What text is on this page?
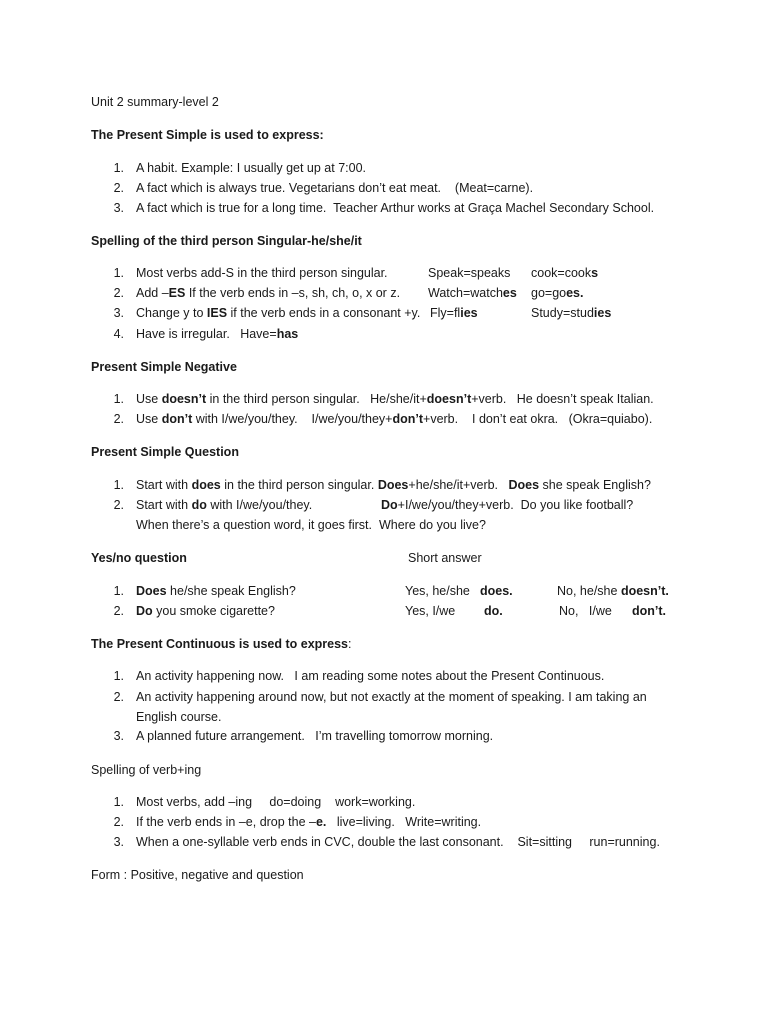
Unit 2 summary-level 2
The Present Simple is used to express:
1. A habit. Example: I usually get up at 7:00.
2. A fact which is always true. Vegetarians don’t eat meat.    (Meat=carne).
3. A fact which is true for a long time.  Teacher Arthur works at Graça Machel Secondary School.
Spelling of the third person Singular-he/she/it
1. Most verbs add-S in the third person singular.	Speak=speaks cook=cooks
2. Add –ES If the verb ends in –s, sh, ch, o, x or z. Watch=watches go=goes.
3. Change y to IES if the verb ends in a consonant +y. Fly=flies	Study=studies
4. Have is irregular.   Have=has
Present Simple Negative
1. Use doesn’t in the third person singular.   He/she/it+doesn’t+verb.   He doesn’t speak Italian.
2. Use don’t with I/we/you/they.    I/we/you/they+don’t+verb.    I don’t eat okra.   (Okra=quiabo).
Present Simple Question
1. Start with does in the third person singular. Does+he/she/it+verb.   Does she speak English?
2. Start with do with I/we/you/they.	Do+I/we/you/they+verb.  Do you like football?
When there’s a question word, it goes first.  Where do you live?
Yes/no question	Short answer
1. Does he/she speak English?	Yes, he/she does.	No, he/she doesn’t.
2. Do you smoke cigarette?	Yes, I/we do.	No,   I/we don’t.
The Present Continuous is used to express:
1. An activity happening now.   I am reading some notes about the Present Continuous.
2. An activity happening around now, but not exactly at the moment of speaking. I am taking an
English course.
3. A planned future arrangement.   I’m travelling tomorrow morning.
Spelling of verb+ing
1. Most verbs, add –ing     do=doing    work=working.
2. If the verb ends in –e, drop the –e.   live=living.   Write=writing.
3. When a one-syllable verb ends in CVC, double the last consonant.    Sit=sitting     run=running.
Form : Positive, negative and question
